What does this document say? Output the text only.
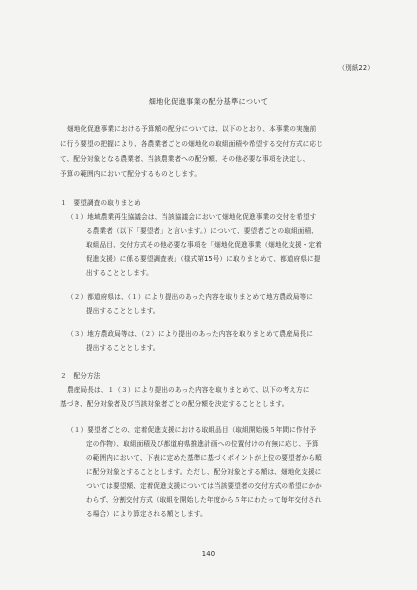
（別紙22）
畑地化促進事業の配分基準について
畑地化促進事業における予算額の配分については、以下のとおり、本事業の実施前
に行う要望の把握により、各農業者ごとの畑地化の取組面積や希望する交付方式に応じ
て、配分対象となる農業者、当該農業者への配分額、その他必要な事項を決定し、
予算の範囲内において配分するものとします。
１　要望調査の取りまとめ
（１）地域農業再生協議会は、当該協議会において畑地化促進事業の交付を希望す
る農業者（以下「要望者」と言います。）について、要望者ごとの取組面積、
取組品目、交付方式その他必要な事項を「畑地化促進事業（畑地化支援・定着
促進支援）に係る要望調査表」（様式第15号）に取りまとめて、都道府県に提
出することとします。
（２）都道府県は、（１）により提出のあった内容を取りまとめて地方農政局等に
提出することとします。
（３）地方農政局等は、（２）により提出のあった内容を取りまとめて農産局長に
提出することとします。
２　配分方法
農産局長は、１（３）により提出のあった内容を取りまとめて、以下の考え方に
基づき、配分対象者及び当該対象者ごとの配分額を決定することとします。
（１）要望者ごとの、定着促進支援における取組品目（取組開始後５年間に作付予
定の作物）、取組面積及び都道府県推進計画への位置付けの有無に応じ、予算
の範囲内において、下表に定めた基準に基づくポイントが上位の要望者から順
に配分対象とすることとします。ただし、配分対象とする額は、畑地化支援に
ついては要望額、定着促進支援については当該要望者の交付方式の希望にかか
わらず、分割交付方式（取組を開始した年度から５年にわたって毎年交付され
る場合）により算定される額とします。
140
